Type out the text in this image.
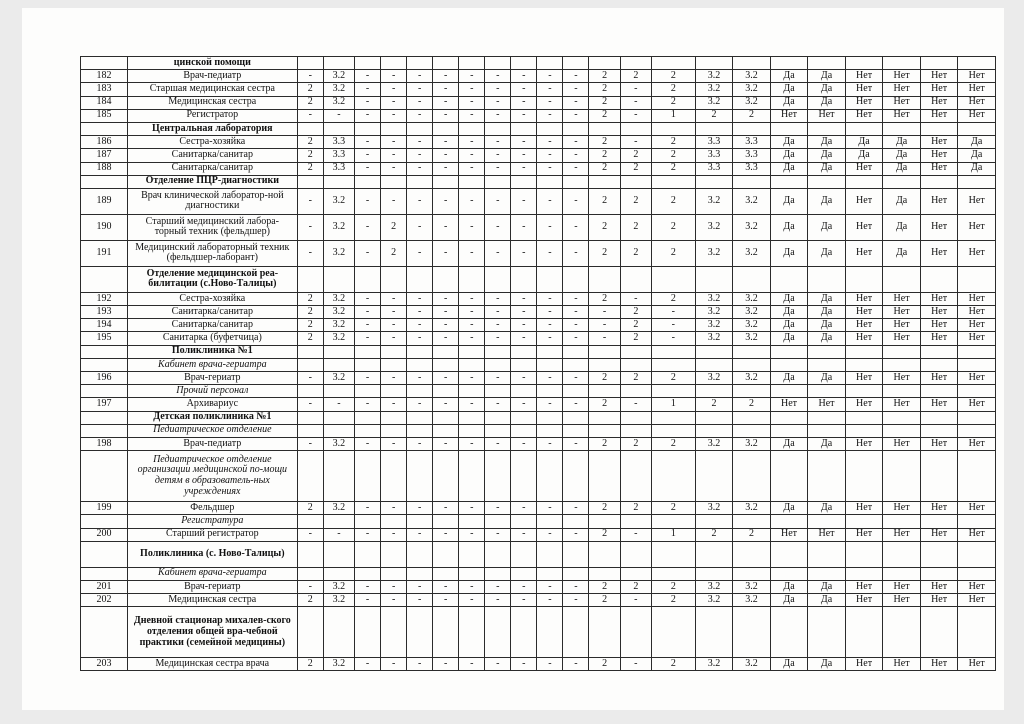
	цинской помощи																						
182	Врач-педиатр	-	3.2	-	-	-	-	-	-	-	-	-	2	2	2	3.2	3.2	Да	Да	Нет	Нет	Нет	Нет
183	Старшая медицинская сестра	2	3.2	-	-	-	-	-	-	-	-	-	2	-	2	3.2	3.2	Да	Да	Нет	Нет	Нет	Нет
184	Медицинская сестра	2	3.2	-	-	-	-	-	-	-	-	-	2	-	2	3.2	3.2	Да	Да	Нет	Нет	Нет	Нет
185	Регистратор	-	-	-	-	-	-	-	-	-	-	-	2	-	1	2	2	Нет	Нет	Нет	Нет	Нет	Нет
	Центральная лаборатория																						
186	Сестра-хозяйка	2	3.3	-	-	-	-	-	-	-	-	-	2	-	2	3.3	3.3	Да	Да	Да	Да	Нет	Да
187	Санитарка/санитар	2	3.3	-	-	-	-	-	-	-	-	-	2	2	2	3.3	3.3	Да	Да	Да	Да	Нет	Да
188	Санитарка/санитар	2	3.3	-	-	-	-	-	-	-	-	-	2	2	2	3.3	3.3	Да	Да	Нет	Да	Нет	Да
	Отделение ПЦР-диагностики																						
189	Врач клинической лаборатор-ной диагностики	-	3.2	-	-	-	-	-	-	-	-	-	2	2	2	3.2	3.2	Да	Да	Нет	Да	Нет	Нет
190	Старший медицинский лабора-торный техник (фельдшер)	-	3.2	-	2	-	-	-	-	-	-	-	2	2	2	3.2	3.2	Да	Да	Нет	Да	Нет	Нет
191	Медицинский лабораторный техник (фельдшер-лаборант)	-	3.2	-	2	-	-	-	-	-	-	-	2	2	2	3.2	3.2	Да	Да	Нет	Да	Нет	Нет
	Отделение медицинской реа-билитации (с.Ново-Талицы)																						
192	Сестра-хозяйка	2	3.2	-	-	-	-	-	-	-	-	-	2	-	2	3.2	3.2	Да	Да	Нет	Нет	Нет	Нет
193	Санитарка/санитар	2	3.2	-	-	-	-	-	-	-	-	-	-	2	-	3.2	3.2	Да	Да	Нет	Нет	Нет	Нет
194	Санитарка/санитар	2	3.2	-	-	-	-	-	-	-	-	-	-	2	-	3.2	3.2	Да	Да	Нет	Нет	Нет	Нет
195	Санитарка (буфетчица)	2	3.2	-	-	-	-	-	-	-	-	-	-	2	-	3.2	3.2	Да	Да	Нет	Нет	Нет	Нет
	Поликлиника №1																						
	Кабинет врача-гериатра																						
196	Врач-гериатр	-	3.2	-	-	-	-	-	-	-	-	-	2	2	2	3.2	3.2	Да	Да	Нет	Нет	Нет	Нет
	Прочий персонал																						
197	Архивариус	-	-	-	-	-	-	-	-	-	-	-	2	-	1	2	2	Нет	Нет	Нет	Нет	Нет	Нет
	Детская поликлиника №1																						
	Педиатрическое отделение																						
198	Врач-педиатр	-	3.2	-	-	-	-	-	-	-	-	-	2	2	2	3.2	3.2	Да	Да	Нет	Нет	Нет	Нет
	Педиатрическое отделение организации медицинской по-мощи детям в образователь-ных учреждениях																						
199	Фельдшер	2	3.2	-	-	-	-	-	-	-	-	-	2	2	2	3.2	3.2	Да	Да	Нет	Нет	Нет	Нет
	Регистратура																						
200	Старший регистратор	-	-	-	-	-	-	-	-	-	-	-	2	-	1	2	2	Нет	Нет	Нет	Нет	Нет	Нет
	Поликлиника (с. Ново-Талицы)																						
	Кабинет врача-гериатра																						
201	Врач-гериатр	-	3.2	-	-	-	-	-	-	-	-	-	2	2	2	3.2	3.2	Да	Да	Нет	Нет	Нет	Нет
202	Медицинская сестра	2	3.2	-	-	-	-	-	-	-	-	-	2	-	2	3.2	3.2	Да	Да	Нет	Нет	Нет	Нет
	Дневной стационар михалев-ского отделения общей вра-чебной практики (семейной медицины)																						
203	Медицинская сестра врача	2	3.2	-	-	-	-	-	-	-	-	-	2	-	2	3.2	3.2	Да	Да	Нет	Нет	Нет	Нет
